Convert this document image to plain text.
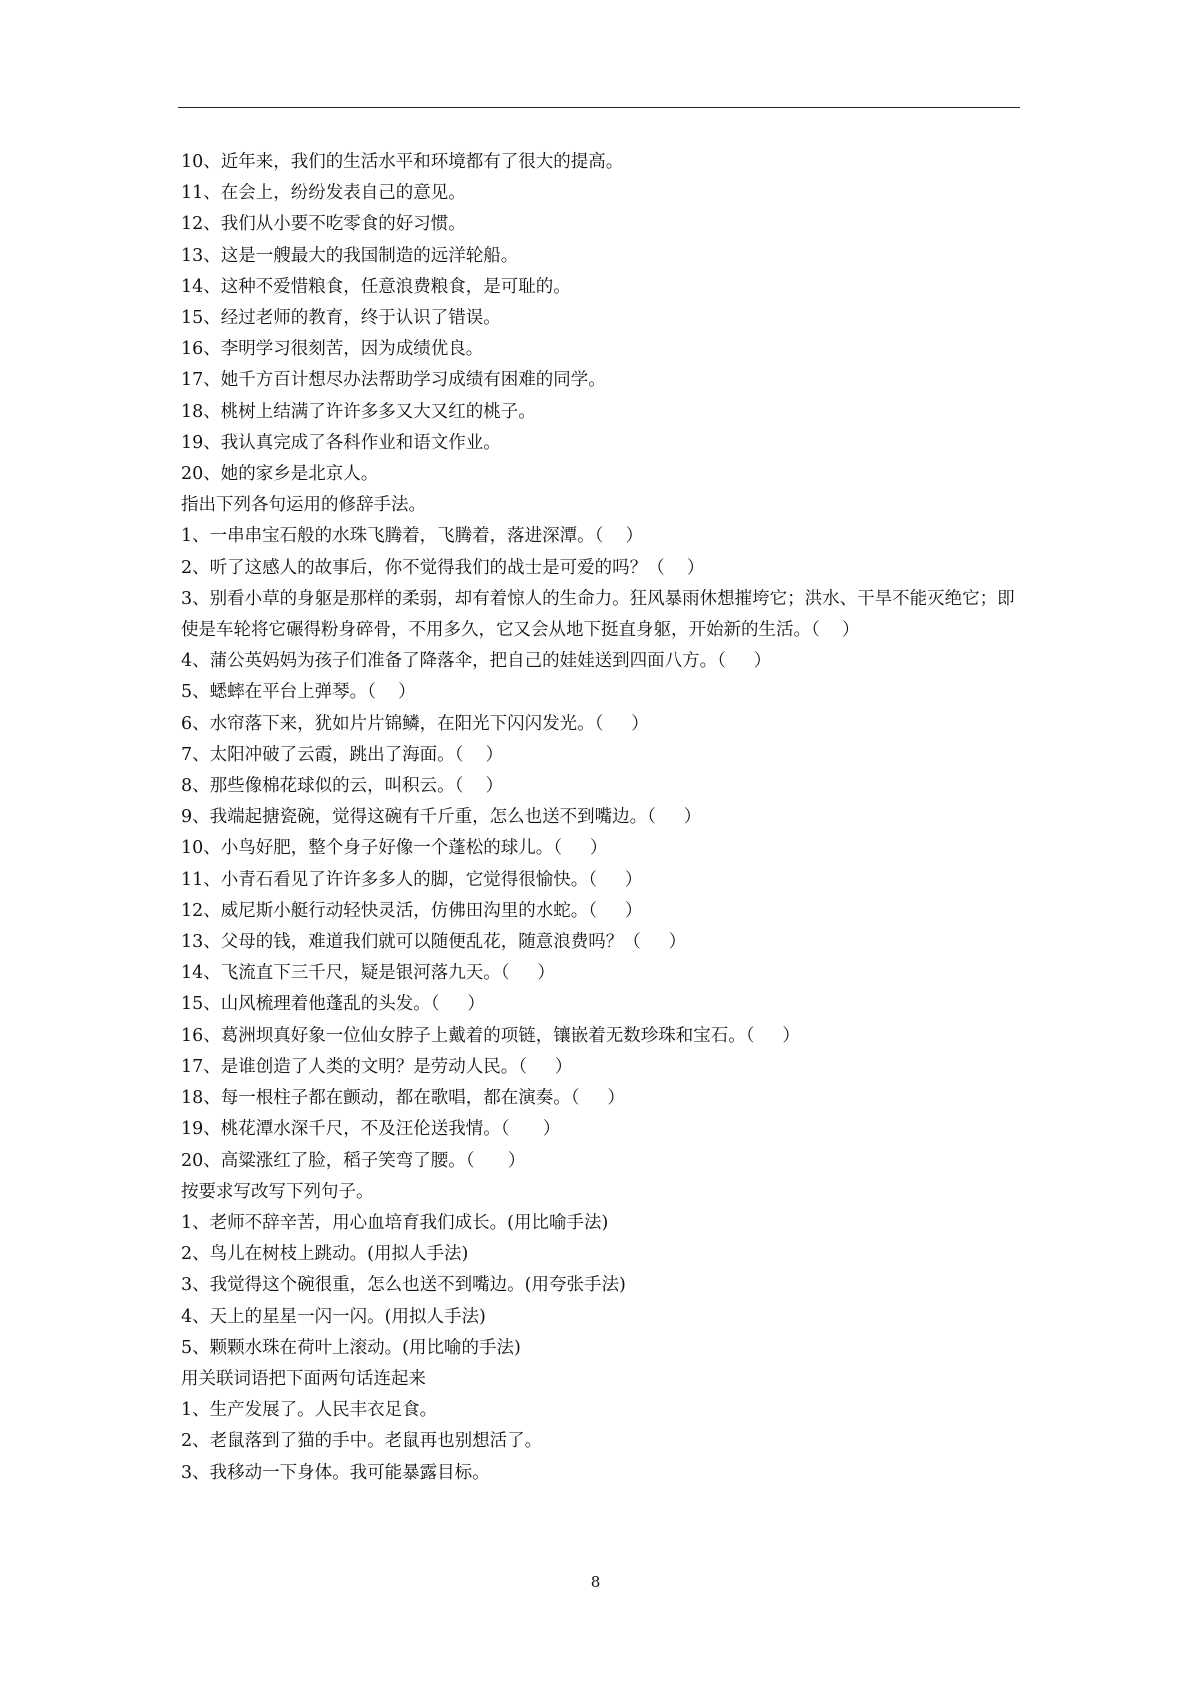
10、近年来，我们的生活水平和环境都有了很大的提高。
11、在会上，纷纷发表自己的意见。
12、我们从小要不吃零食的好习惯。
13、这是一艘最大的我国制造的远洋轮船。
14、这种不爱惜粮食，任意浪费粮食，是可耻的。
15、经过老师的教育，终于认识了错误。
16、李明学习很刻苦，因为成绩优良。
17、她千方百计想尽办法帮助学习成绩有困难的同学。
18、桃树上结满了许许多多又大又红的桃子。
19、我认真完成了各科作业和语文作业。
20、她的家乡是北京人。
指出下列各句运用的修辞手法。
1、一串串宝石般的水珠飞腾着，飞腾着，落进深潭。（    ）
2、听了这感人的故事后，你不觉得我们的战士是可爱的吗？（    ）
3、别看小草的身躯是那样的柔弱，却有着惊人的生命力。狂风暴雨休想摧垮它；洪水、干旱不能灭绝它；即使是车轮将它碾得粉身碎骨，不用多久，它又会从地下挺直身躯，开始新的生活。（    ）
4、蒲公英妈妈为孩子们准备了降落伞，把自己的娃娃送到四面八方。（     ）
5、蟋蟀在平台上弹琴。（    ）
6、水帘落下来，犹如片片锦鳞，在阳光下闪闪发光。（     ）
7、太阳冲破了云霞，跳出了海面。（    ）
8、那些像棉花球似的云，叫积云。（    ）
9、我端起搪瓷碗，觉得这碗有千斤重，怎么也送不到嘴边。（     ）
10、小鸟好肥，整个身子好像一个蓬松的球儿。（     ）
11、小青石看见了许许多多人的脚，它觉得很愉快。（     ）
12、威尼斯小艇行动轻快灵活，仿佛田沟里的水蛇。（     ）
13、父母的钱，难道我们就可以随便乱花，随意浪费吗？（     ）
14、飞流直下三千尺，疑是银河落九天。（     ）
15、山风梳理着他蓬乱的头发。（     ）
16、葛洲坝真好象一位仙女脖子上戴着的项链，镶嵌着无数珍珠和宝石。（     ）
17、是谁创造了人类的文明？是劳动人民。（     ）
18、每一根柱子都在颤动，都在歌唱，都在演奏。（     ）
19、桃花潭水深千尺，不及汪伦送我情。（      ）
20、高粱涨红了脸，稻子笑弯了腰。（      ）
按要求写改写下列句子。
1、老师不辞辛苦，用心血培育我们成长。(用比喻手法)
2、鸟儿在树枝上跳动。(用拟人手法)
3、我觉得这个碗很重，怎么也送不到嘴边。(用夸张手法)
4、天上的星星一闪一闪。(用拟人手法)
5、颗颗水珠在荷叶上滚动。(用比喻的手法)
用关联词语把下面两句话连起来
1、生产发展了。人民丰衣足食。
2、老鼠落到了猫的手中。老鼠再也别想活了。
3、我移动一下身体。我可能暴露目标。
8
